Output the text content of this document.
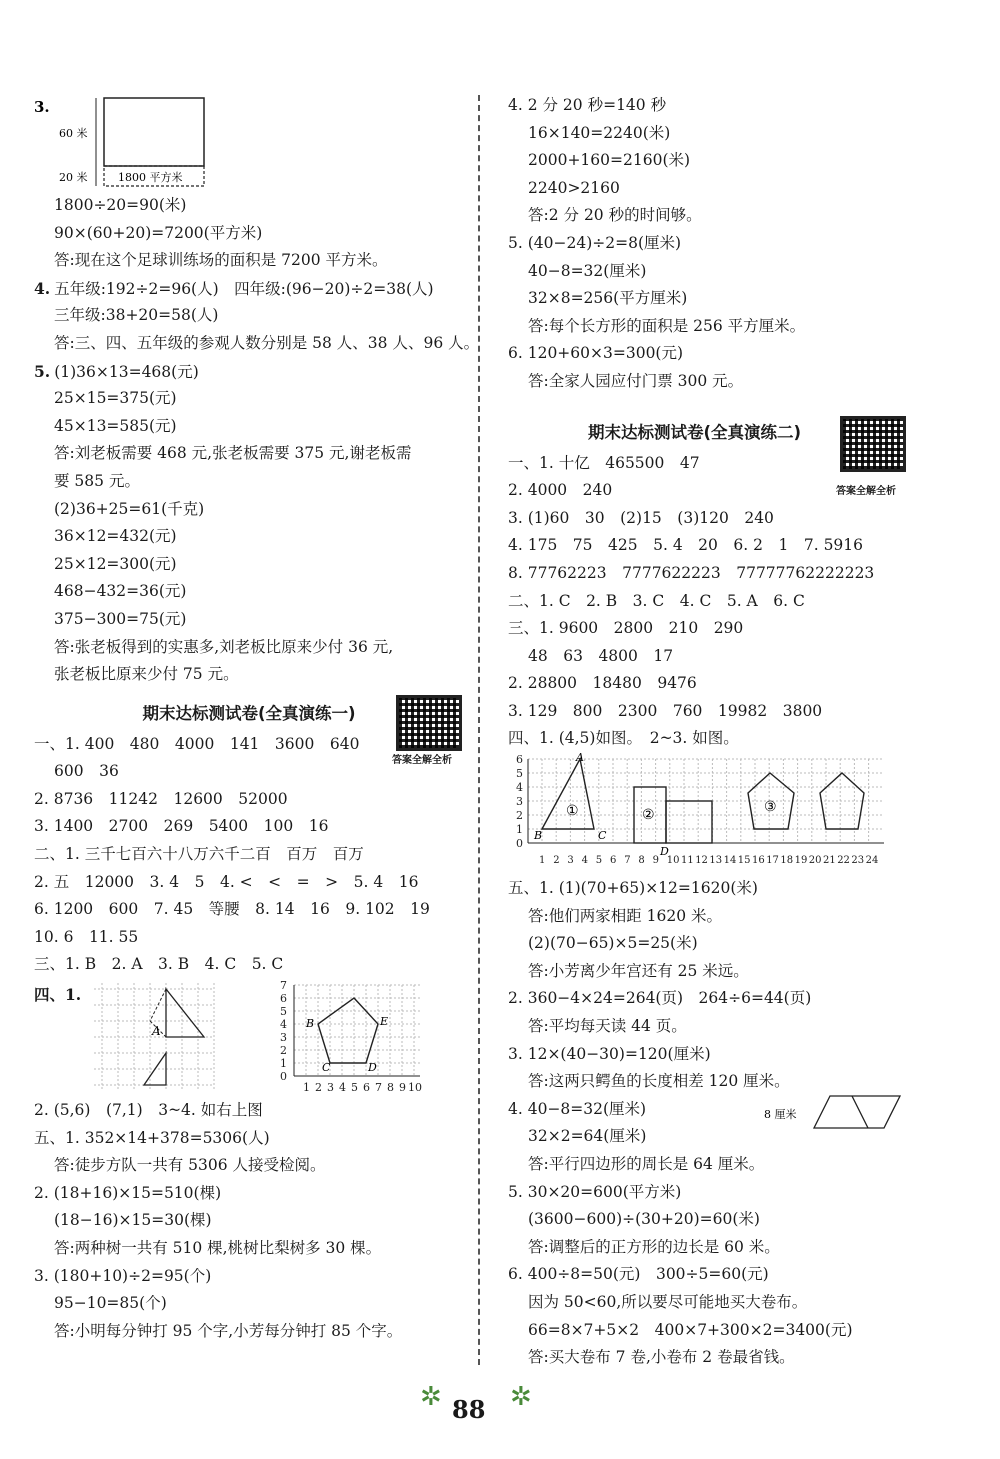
3.
60 米
20 米	1800 平方米
1800÷20=90(米)
90×(60+20)=7200(平方米)
答:现在这个足球训练场的面积是 7200 平方米。
4. 五年级:192÷2=96(人)　四年级:(96−20)÷2=38(人)
三年级:38+20=58(人)
答:三、四、五年级的参观人数分别是 58 人、38 人、96 人。
5. (1)36×13=468(元)
25×15=375(元)
45×13=585(元)
答:刘老板需要 468 元,张老板需要 375 元,谢老板需
要 585 元。
(2)36+25=61(千克)
36×12=432(元)
25×12=300(元)
468−432=36(元)
375−300=75(元)
答:张老板得到的实惠多,刘老板比原来少付 36 元,
张老板比原来少付 75 元。
期末达标测试卷(全真演练一)
答案全解全析
一、1. 400　480　4000　141　3600　640
600　36
2. 8736　11242　12600　52000
3. 1400　2700　269　5400　100　16
二、1. 三千七百六十八万六千二百　百万　百万
2. 五　12000　3. 4　5　4. <　<　=　>　5. 4　16
6. 1200　600　7. 45　等腰　8. 14　16　9. 102　19
10. 6　11. 55
三、1. B　2. A　3. B　4. C　5. C
四、1.
A
7
6
5
4
3
2
1
0
1 2 3 4 5 6 7 8 9 10
B
C	D
E
2. (5,6)　(7,1)　3~4. 如右上图
五、1. 352×14+378=5306(人)
答:徒步方队一共有 5306 人接受检阅。
2. (18+16)×15=510(棵)
(18−16)×15=30(棵)
答:两种树一共有 510 棵,桃树比梨树多 30 棵。
3. (180+10)÷2=95(个)
95−10=85(个)
答:小明每分钟打 95 个字,小芳每分钟打 85 个字。
4. 2 分 20 秒=140 秒
16×140=2240(米)
2000+160=2160(米)
2240>2160
答:2 分 20 秒的时间够。
5. (40−24)÷2=8(厘米)
40−8=32(厘米)
32×8=256(平方厘米)
答:每个长方形的面积是 256 平方厘米。
6. 120+60×3=300(元)
答:全家人园应付门票 300 元。
期末达标测试卷(全真演练二)
答案全解全析
一、1. 十亿　465500　47
2. 4000　240
3. (1)60　30　(2)15　(3)120　240
4. 175　75　425　5. 4　20　6. 2　1　7. 5916
8. 77762223　7777622223　77777762222223
二、1. C　2. B　3. C　4. C　5. A　6. C
三、1. 9600　2800　210　290
48　63　4800　17
2. 28800　18480　9476
3. 129　800　2300　760　19982　3800
四、1. (4,5)如图。　2~3. 如图。
6
5
4
3
2
1
0
1 2 3 4 5 6 7 8 9 10 11 12 13 14 15 16 17 18 19 20 21 22 23 24
A
B	C
D
①	②	③
五、1. (1)(70+65)×12=1620(米)
答:他们两家相距 1620 米。
(2)(70−65)×5=25(米)
答:小芳离少年宫还有 25 米远。
2. 360−4×24=264(页)　264÷6=44(页)
答:平均每天读 44 页。
3. 12×(40−30)=120(厘米)
答:这两只鳄鱼的长度相差 120 厘米。
4. 40−8=32(厘米)	8 厘米
32×2=64(厘米)
答:平行四边形的周长是 64 厘米。
5. 30×20=600(平方米)
(3600−600)÷(30+20)=60(米)
答:调整后的正方形的边长是 60 米。
6. 400÷8=50(元)　300÷5=60(元)
因为 50<60,所以要尽可能地买大卷布。
66=8×7+5×2　400×7+300×2=3400(元)
答:买大卷布 7 卷,小卷布 2 卷最省钱。
✲ 88 ✲
